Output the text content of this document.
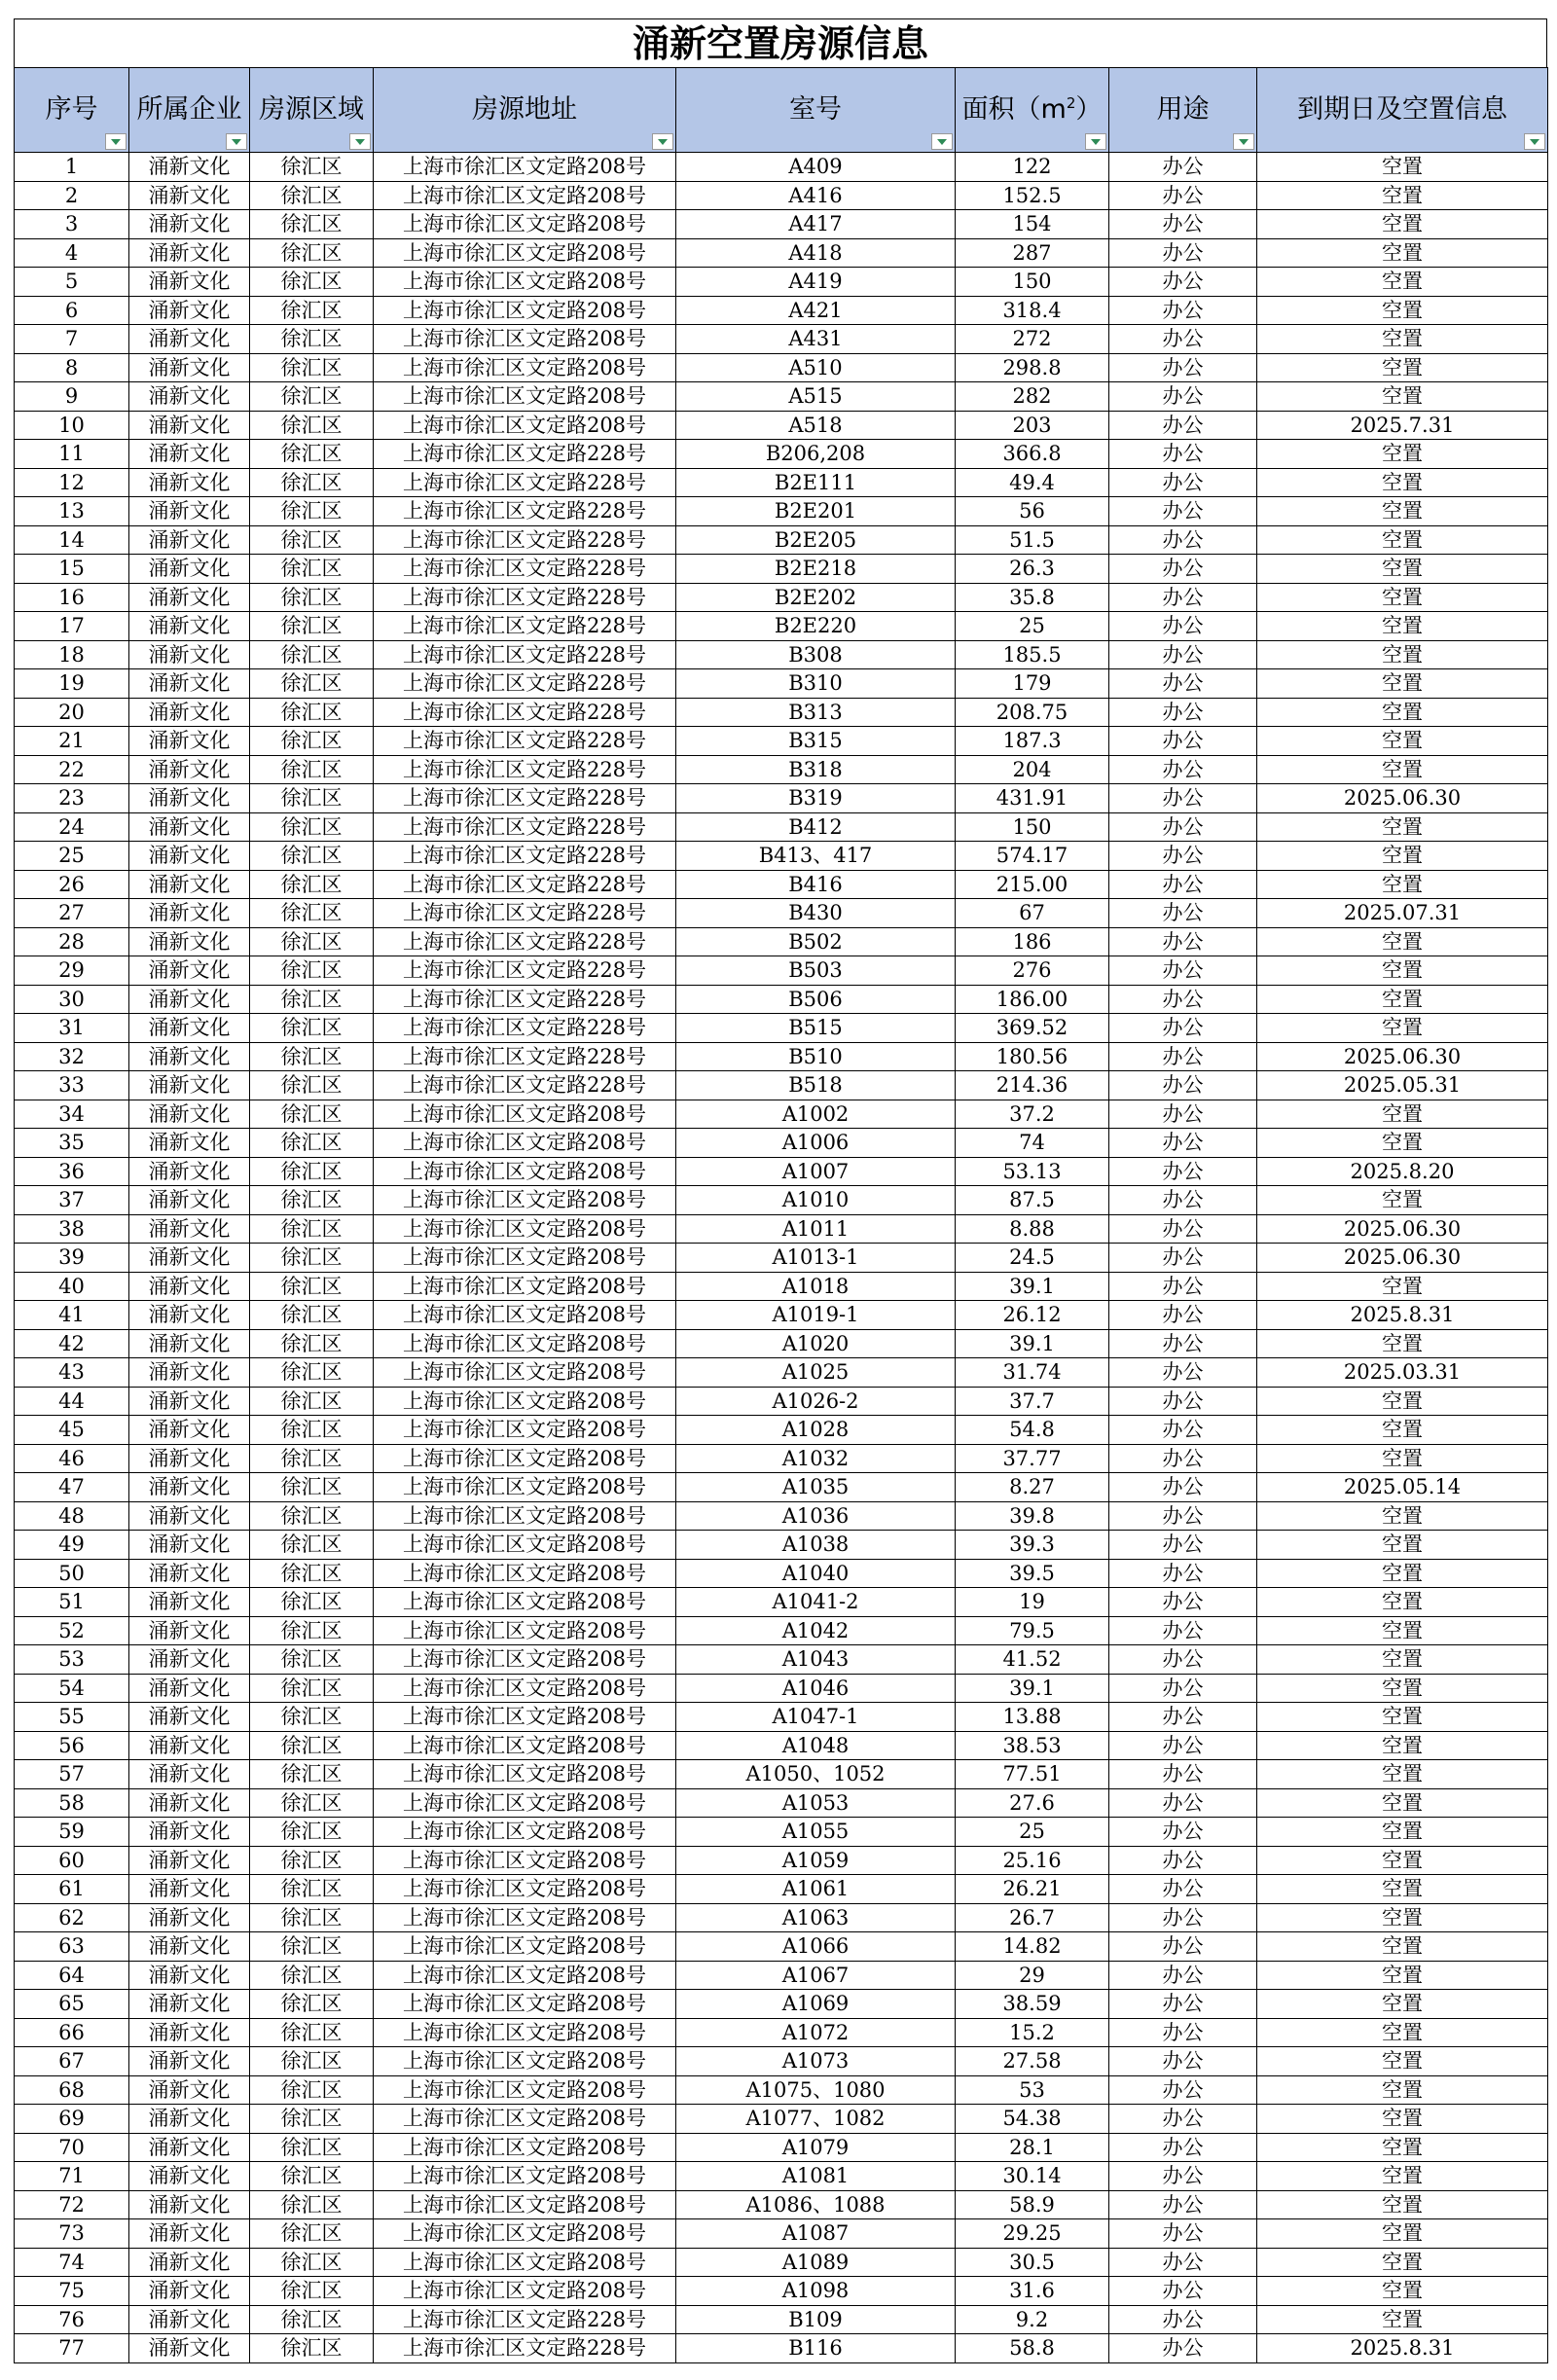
涌新空置房源信息
序号	所属企业	房源区域	房源地址	室号	面积$(m^2)$	用途	到期日及空置信息

1	涌新文化	徐汇区	上海市徐汇区文定路208号	A409	122	办公	空置
2	涌新文化	徐汇区	上海市徐汇区文定路208号	A416	152.5	办公	空置
3	涌新文化	徐汇区	上海市徐汇区文定路208号	A417	154	办公	空置
4	涌新文化	徐汇区	上海市徐汇区文定路208号	A418	287	办公	空置
5	涌新文化	徐汇区	上海市徐汇区文定路208号	A419	150	办公	空置
6	涌新文化	徐汇区	上海市徐汇区文定路208号	A421	318.4	办公	空置
7	涌新文化	徐汇区	上海市徐汇区文定路208号	A431	272	办公	空置
8	涌新文化	徐汇区	上海市徐汇区文定路208号	A510	298.8	办公	空置
9	涌新文化	徐汇区	上海市徐汇区文定路208号	A515	282	办公	空置
10	涌新文化	徐汇区	上海市徐汇区文定路208号	A518	203	办公	2025.7.31
11	涌新文化	徐汇区	上海市徐汇区文定路228号	B206,208	366.8	办公	空置
12	涌新文化	徐汇区	上海市徐汇区文定路228号	B2E111	49.4	办公	空置
13	涌新文化	徐汇区	上海市徐汇区文定路228号	B2E201	56	办公	空置
14	涌新文化	徐汇区	上海市徐汇区文定路228号	B2E205	51.5	办公	空置
15	涌新文化	徐汇区	上海市徐汇区文定路228号	B2E218	26.3	办公	空置
16	涌新文化	徐汇区	上海市徐汇区文定路228号	B2E202	35.8	办公	空置
17	涌新文化	徐汇区	上海市徐汇区文定路228号	B2E220	25	办公	空置
18	涌新文化	徐汇区	上海市徐汇区文定路228号	B308	185.5	办公	空置
19	涌新文化	徐汇区	上海市徐汇区文定路228号	B310	179	办公	空置
20	涌新文化	徐汇区	上海市徐汇区文定路228号	B313	208.75	办公	空置
21	涌新文化	徐汇区	上海市徐汇区文定路228号	B315	187.3	办公	空置
22	涌新文化	徐汇区	上海市徐汇区文定路228号	B318	204	办公	空置
23	涌新文化	徐汇区	上海市徐汇区文定路228号	B319	431.91	办公	2025.06.30
24	涌新文化	徐汇区	上海市徐汇区文定路228号	B412	150	办公	空置
25	涌新文化	徐汇区	上海市徐汇区文定路228号	B413、417	574.17	办公	空置
26	涌新文化	徐汇区	上海市徐汇区文定路228号	B416	215.00	办公	空置
27	涌新文化	徐汇区	上海市徐汇区文定路228号	B430	67	办公	2025.07.31
28	涌新文化	徐汇区	上海市徐汇区文定路228号	B502	186	办公	空置
29	涌新文化	徐汇区	上海市徐汇区文定路228号	B503	276	办公	空置
30	涌新文化	徐汇区	上海市徐汇区文定路228号	B506	186.00	办公	空置
31	涌新文化	徐汇区	上海市徐汇区文定路228号	B515	369.52	办公	空置
32	涌新文化	徐汇区	上海市徐汇区文定路228号	B510	180.56	办公	2025.06.30
33	涌新文化	徐汇区	上海市徐汇区文定路228号	B518	214.36	办公	2025.05.31
34	涌新文化	徐汇区	上海市徐汇区文定路208号	A1002	37.2	办公	空置
35	涌新文化	徐汇区	上海市徐汇区文定路208号	A1006	74	办公	空置
36	涌新文化	徐汇区	上海市徐汇区文定路208号	A1007	53.13	办公	2025.8.20
37	涌新文化	徐汇区	上海市徐汇区文定路208号	A1010	87.5	办公	空置
38	涌新文化	徐汇区	上海市徐汇区文定路208号	A1011	8.88	办公	2025.06.30
39	涌新文化	徐汇区	上海市徐汇区文定路208号	A1013-1	24.5	办公	2025.06.30
40	涌新文化	徐汇区	上海市徐汇区文定路208号	A1018	39.1	办公	空置
41	涌新文化	徐汇区	上海市徐汇区文定路208号	A1019-1	26.12	办公	2025.8.31
42	涌新文化	徐汇区	上海市徐汇区文定路208号	A1020	39.1	办公	空置
43	涌新文化	徐汇区	上海市徐汇区文定路208号	A1025	31.74	办公	2025.03.31
44	涌新文化	徐汇区	上海市徐汇区文定路208号	A1026-2	37.7	办公	空置
45	涌新文化	徐汇区	上海市徐汇区文定路208号	A1028	54.8	办公	空置
46	涌新文化	徐汇区	上海市徐汇区文定路208号	A1032	37.77	办公	空置
47	涌新文化	徐汇区	上海市徐汇区文定路208号	A1035	8.27	办公	2025.05.14
48	涌新文化	徐汇区	上海市徐汇区文定路208号	A1036	39.8	办公	空置
49	涌新文化	徐汇区	上海市徐汇区文定路208号	A1038	39.3	办公	空置
50	涌新文化	徐汇区	上海市徐汇区文定路208号	A1040	39.5	办公	空置
51	涌新文化	徐汇区	上海市徐汇区文定路208号	A1041-2	19	办公	空置
52	涌新文化	徐汇区	上海市徐汇区文定路208号	A1042	79.5	办公	空置
53	涌新文化	徐汇区	上海市徐汇区文定路208号	A1043	41.52	办公	空置
54	涌新文化	徐汇区	上海市徐汇区文定路208号	A1046	39.1	办公	空置
55	涌新文化	徐汇区	上海市徐汇区文定路208号	A1047-1	13.88	办公	空置
56	涌新文化	徐汇区	上海市徐汇区文定路208号	A1048	38.53	办公	空置
57	涌新文化	徐汇区	上海市徐汇区文定路208号	A1050、1052	77.51	办公	空置
58	涌新文化	徐汇区	上海市徐汇区文定路208号	A1053	27.6	办公	空置
59	涌新文化	徐汇区	上海市徐汇区文定路208号	A1055	25	办公	空置
60	涌新文化	徐汇区	上海市徐汇区文定路208号	A1059	25.16	办公	空置
61	涌新文化	徐汇区	上海市徐汇区文定路208号	A1061	26.21	办公	空置
62	涌新文化	徐汇区	上海市徐汇区文定路208号	A1063	26.7	办公	空置
63	涌新文化	徐汇区	上海市徐汇区文定路208号	A1066	14.82	办公	空置
64	涌新文化	徐汇区	上海市徐汇区文定路208号	A1067	29	办公	空置
65	涌新文化	徐汇区	上海市徐汇区文定路208号	A1069	38.59	办公	空置
66	涌新文化	徐汇区	上海市徐汇区文定路208号	A1072	15.2	办公	空置
67	涌新文化	徐汇区	上海市徐汇区文定路208号	A1073	27.58	办公	空置
68	涌新文化	徐汇区	上海市徐汇区文定路208号	A1075、1080	53	办公	空置
69	涌新文化	徐汇区	上海市徐汇区文定路208号	A1077、1082	54.38	办公	空置
70	涌新文化	徐汇区	上海市徐汇区文定路208号	A1079	28.1	办公	空置
71	涌新文化	徐汇区	上海市徐汇区文定路208号	A1081	30.14	办公	空置
72	涌新文化	徐汇区	上海市徐汇区文定路208号	A1086、1088	58.9	办公	空置
73	涌新文化	徐汇区	上海市徐汇区文定路208号	A1087	29.25	办公	空置
74	涌新文化	徐汇区	上海市徐汇区文定路208号	A1089	30.5	办公	空置
75	涌新文化	徐汇区	上海市徐汇区文定路208号	A1098	31.6	办公	空置
76	涌新文化	徐汇区	上海市徐汇区文定路228号	B109	9.2	办公	空置
77	涌新文化	徐汇区	上海市徐汇区文定路228号	B116	58.8	办公	2025.8.31
